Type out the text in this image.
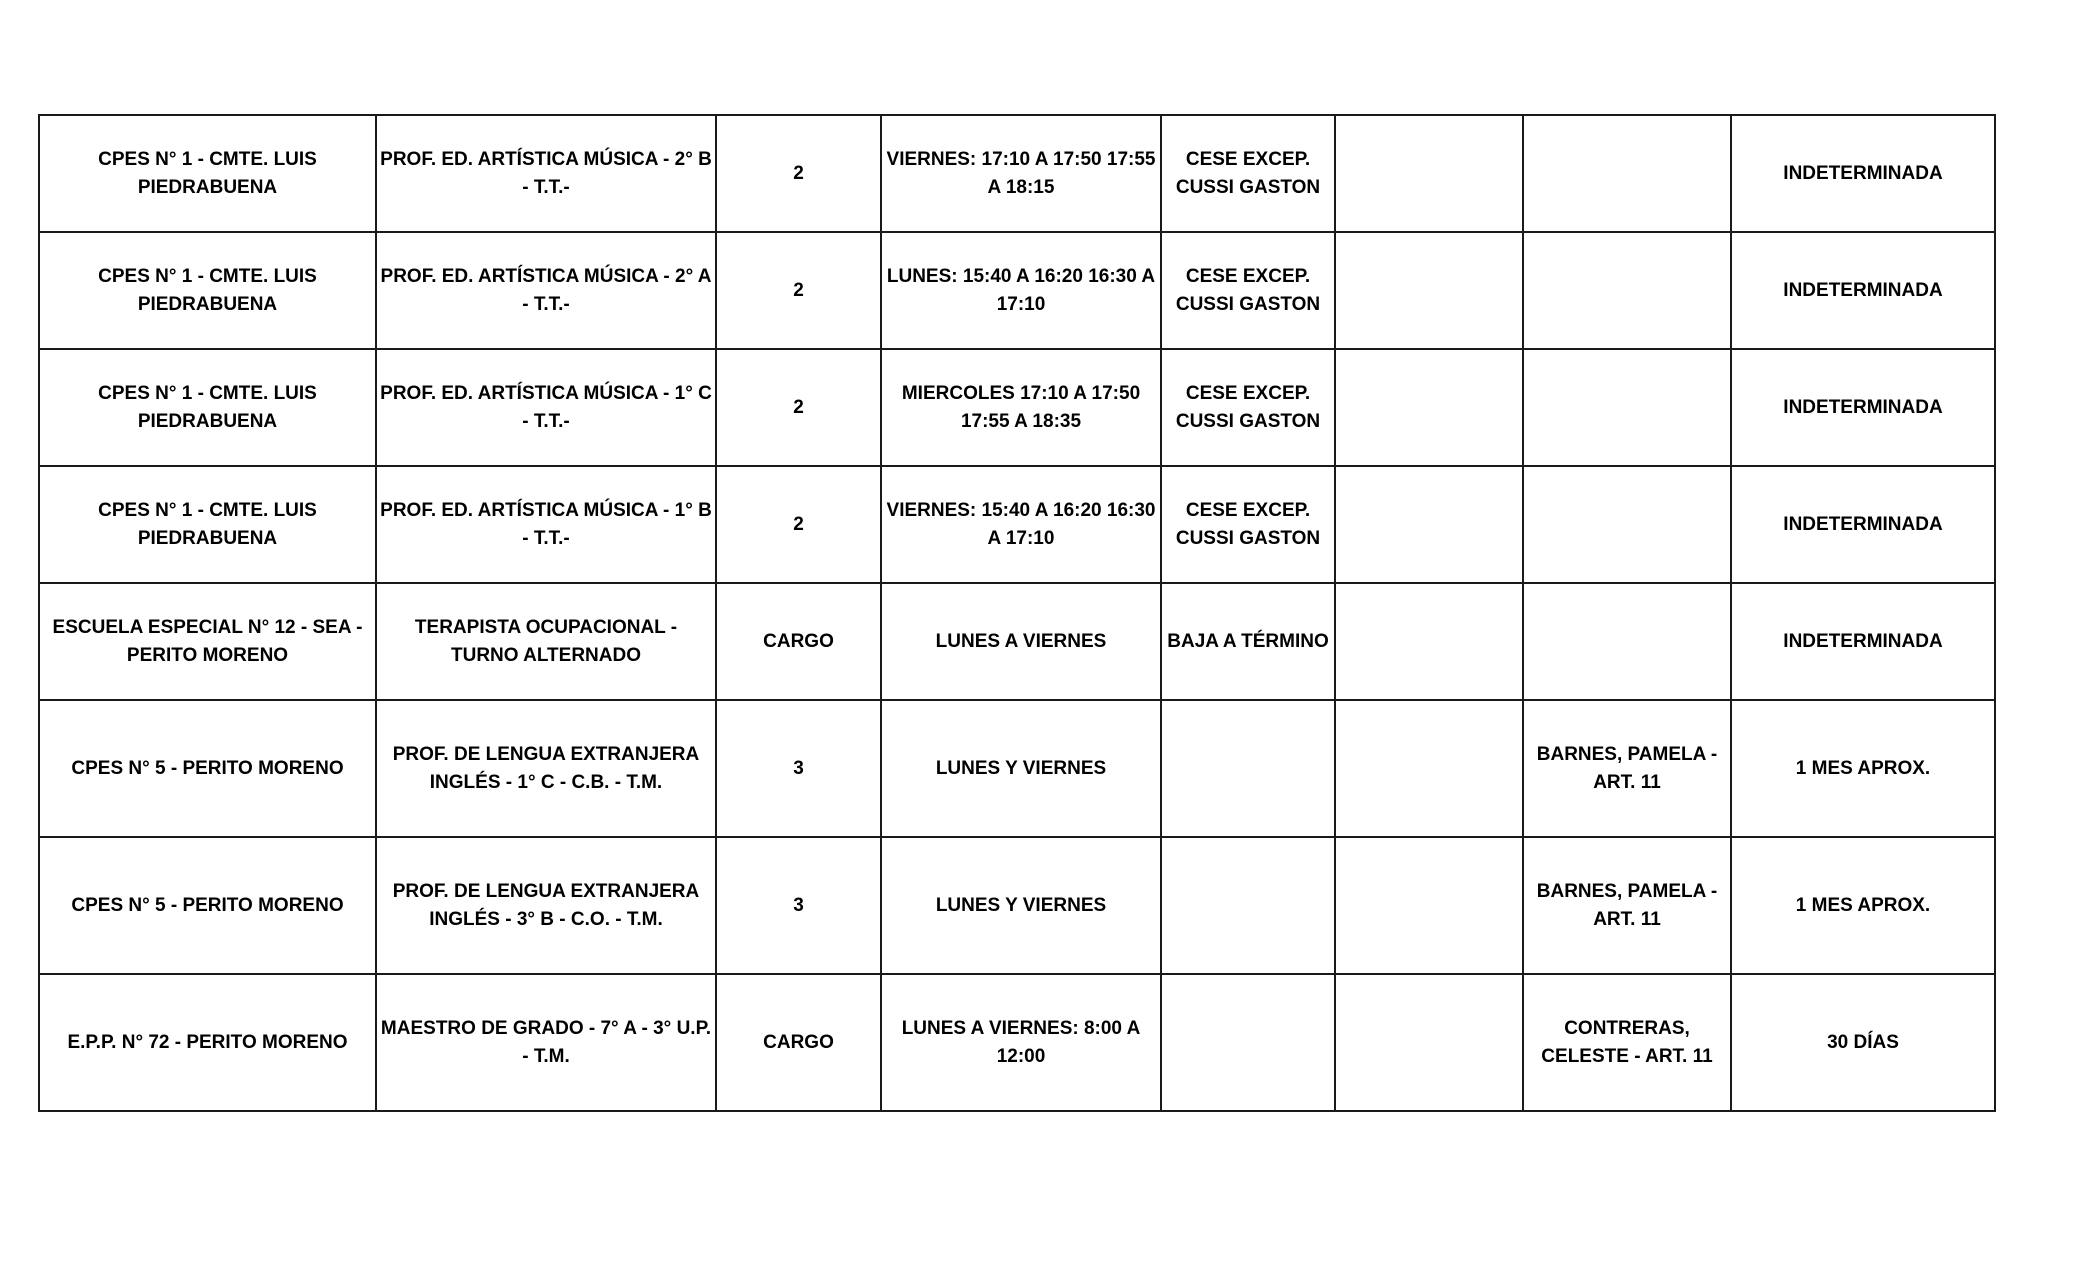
CPES N° 1 - CMTE. LUIS PIEDRABUENA	PROF. ED. ARTÍSTICA MÚSICA - 2° B - T.T.-	2	VIERNES: 17:10 A 17:50 17:55 A 18:15	CESE EXCEP. CUSSI GASTON			INDETERMINADA
CPES N° 1 - CMTE. LUIS PIEDRABUENA	PROF. ED. ARTÍSTICA MÚSICA - 2° A - T.T.-	2	LUNES: 15:40 A 16:20 16:30 A 17:10	CESE EXCEP. CUSSI GASTON			INDETERMINADA
CPES N° 1 - CMTE. LUIS PIEDRABUENA	PROF. ED. ARTÍSTICA MÚSICA - 1° C - T.T.-	2	MIERCOLES 17:10 A 17:50 17:55 A 18:35	CESE EXCEP. CUSSI GASTON			INDETERMINADA
CPES N° 1 - CMTE. LUIS PIEDRABUENA	PROF. ED. ARTÍSTICA MÚSICA - 1° B - T.T.-	2	VIERNES: 15:40 A 16:20 16:30 A 17:10	CESE EXCEP. CUSSI GASTON			INDETERMINADA
ESCUELA ESPECIAL N° 12 - SEA - PERITO MORENO	TERAPISTA OCUPACIONAL - TURNO ALTERNADO	CARGO	LUNES A VIERNES	BAJA A TÉRMINO			INDETERMINADA
CPES N° 5 - PERITO MORENO	PROF. DE LENGUA EXTRANJERA INGLÉS - 1° C - C.B. - T.M.	3	LUNES Y VIERNES			BARNES, PAMELA - ART. 11	1 MES APROX.
CPES N° 5 - PERITO MORENO	PROF. DE LENGUA EXTRANJERA INGLÉS - 3° B - C.O. - T.M.	3	LUNES Y VIERNES			BARNES, PAMELA - ART. 11	1 MES APROX.
E.P.P. N° 72 - PERITO MORENO	MAESTRO DE GRADO - 7° A - 3° U.P. - T.M.	CARGO	LUNES A VIERNES: 8:00 A 12:00			CONTRERAS, CELESTE - ART. 11	30 DÍAS
